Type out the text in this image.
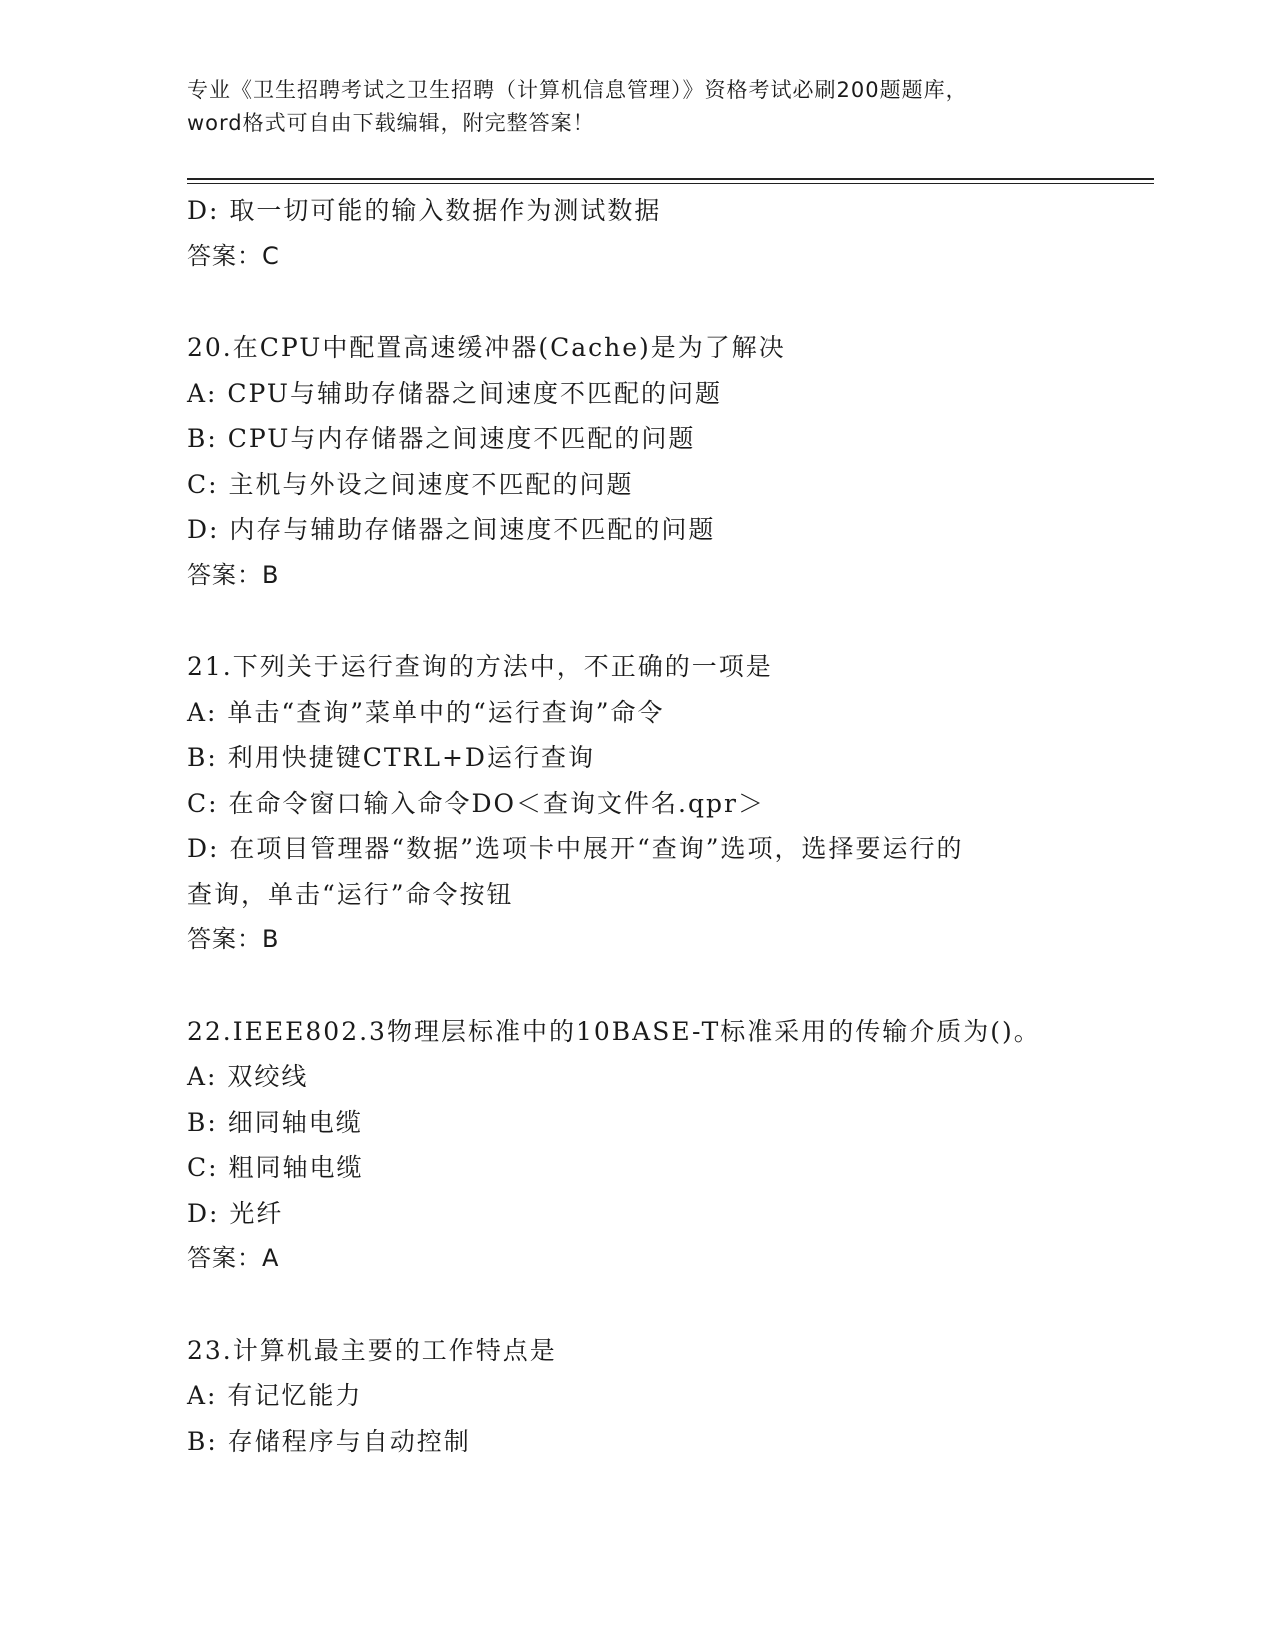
专业《卫生招聘考试之卫生招聘（计算机信息管理）》资格考试必刷200题题库，
word格式可自由下载编辑，附完整答案！
D: 取一切可能的输入数据作为测试数据
答案：C
20.在CPU中配置高速缓冲器(Cache)是为了解决
A: CPU与辅助存储器之间速度不匹配的问题
B: CPU与内存储器之间速度不匹配的问题
C: 主机与外设之间速度不匹配的问题
D: 内存与辅助存储器之间速度不匹配的问题
答案：B
21.下列关于运行查询的方法中，不正确的一项是
A: 单击“查询”菜单中的“运行查询”命令
B: 利用快捷键CTRL+D运行查询
C: 在命令窗口输入命令DO＜查询文件名.qpr＞
D: 在项目管理器“数据”选项卡中展开“查询”选项，选择要运行的
查询，单击“运行”命令按钮
答案：B
22.IEEE802.3物理层标准中的10BASE-T标准采用的传输介质为()。
A: 双绞线
B: 细同轴电缆
C: 粗同轴电缆
D: 光纤
答案：A
23.计算机最主要的工作特点是
A: 有记忆能力
B: 存储程序与自动控制
